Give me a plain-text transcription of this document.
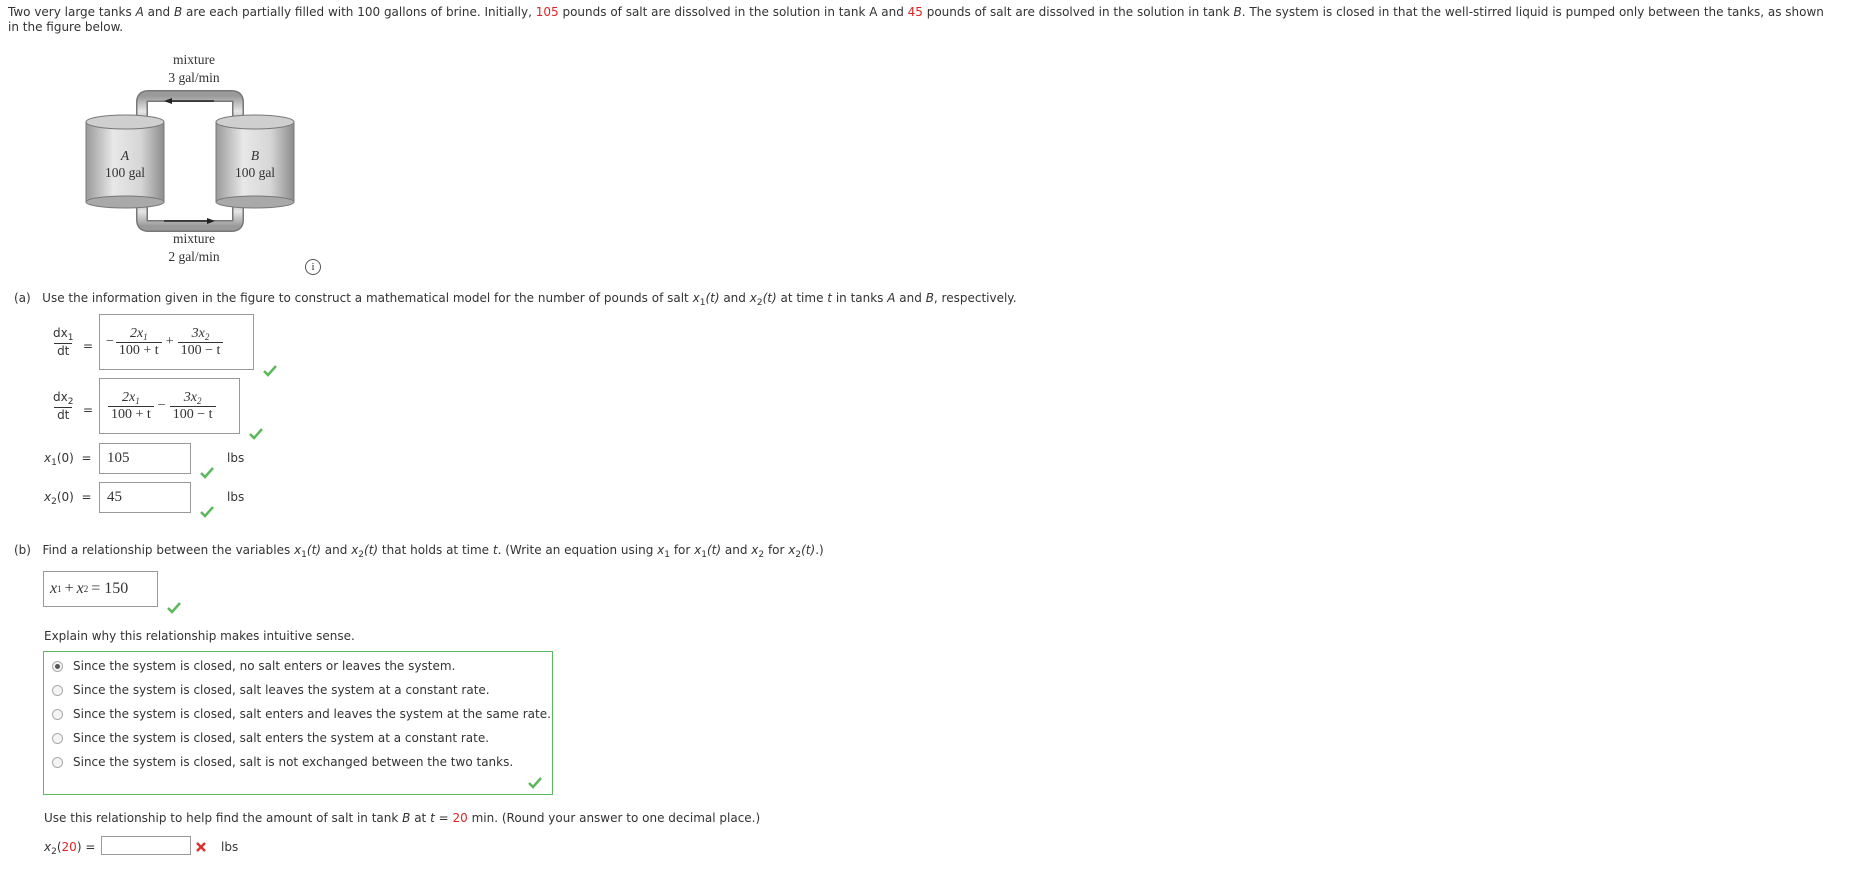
Two very large tanks A and B are each partially filled with 100 gallons of brine. Initially, 105 pounds of salt are dissolved in the solution in tank A and 45 pounds of salt are dissolved in the solution in tank B. The system is closed in that the well-stirred liquid is pumped only between the tanks, as shown in the figure below.
mixture
3 gal/min
A
100 gal
B
100 gal
mixture
2 gal/min
i
(a) Use the information given in the figure to construct a mathematical model for the number of pounds of salt $x_1(t)$ and $x_2(t)$ at time t in tanks A and B, respectively.
$\frac{dx_1}{dt}$ = − $\frac{2x_1}{100 + t} + \frac{3x_2}{100 - t}$
$\frac{dx_2}{dt} = \frac{2x_1}{100 + t} - \frac{3x_2}{100 - t}$
$x_1(0)$ =	105	lbs
$x_2(0)$ =	45	lbs
(b) Find a relationship between the variables $x_1(t)$ and $x_2(t)$ that holds at time t. (Write an equation using $x_1$ for $x_1(t)$ and $x_2$ for $x_2(t)$.)
x 1 + x 2 = 150
Explain why this relationship makes intuitive sense.
Since the system is closed, no salt enters or leaves the system.
Since the system is closed, salt leaves the system at a constant rate.
Since the system is closed, salt enters and leaves the system at the same rate.
Since the system is closed, salt enters the system at a constant rate.
Since the system is closed, salt is not exchanged between the two tanks.
Use this relationship to help find the amount of salt in tank B at t = 20 min. (Round your answer to one decimal place.)
$x_2(20)$ =	lbs
